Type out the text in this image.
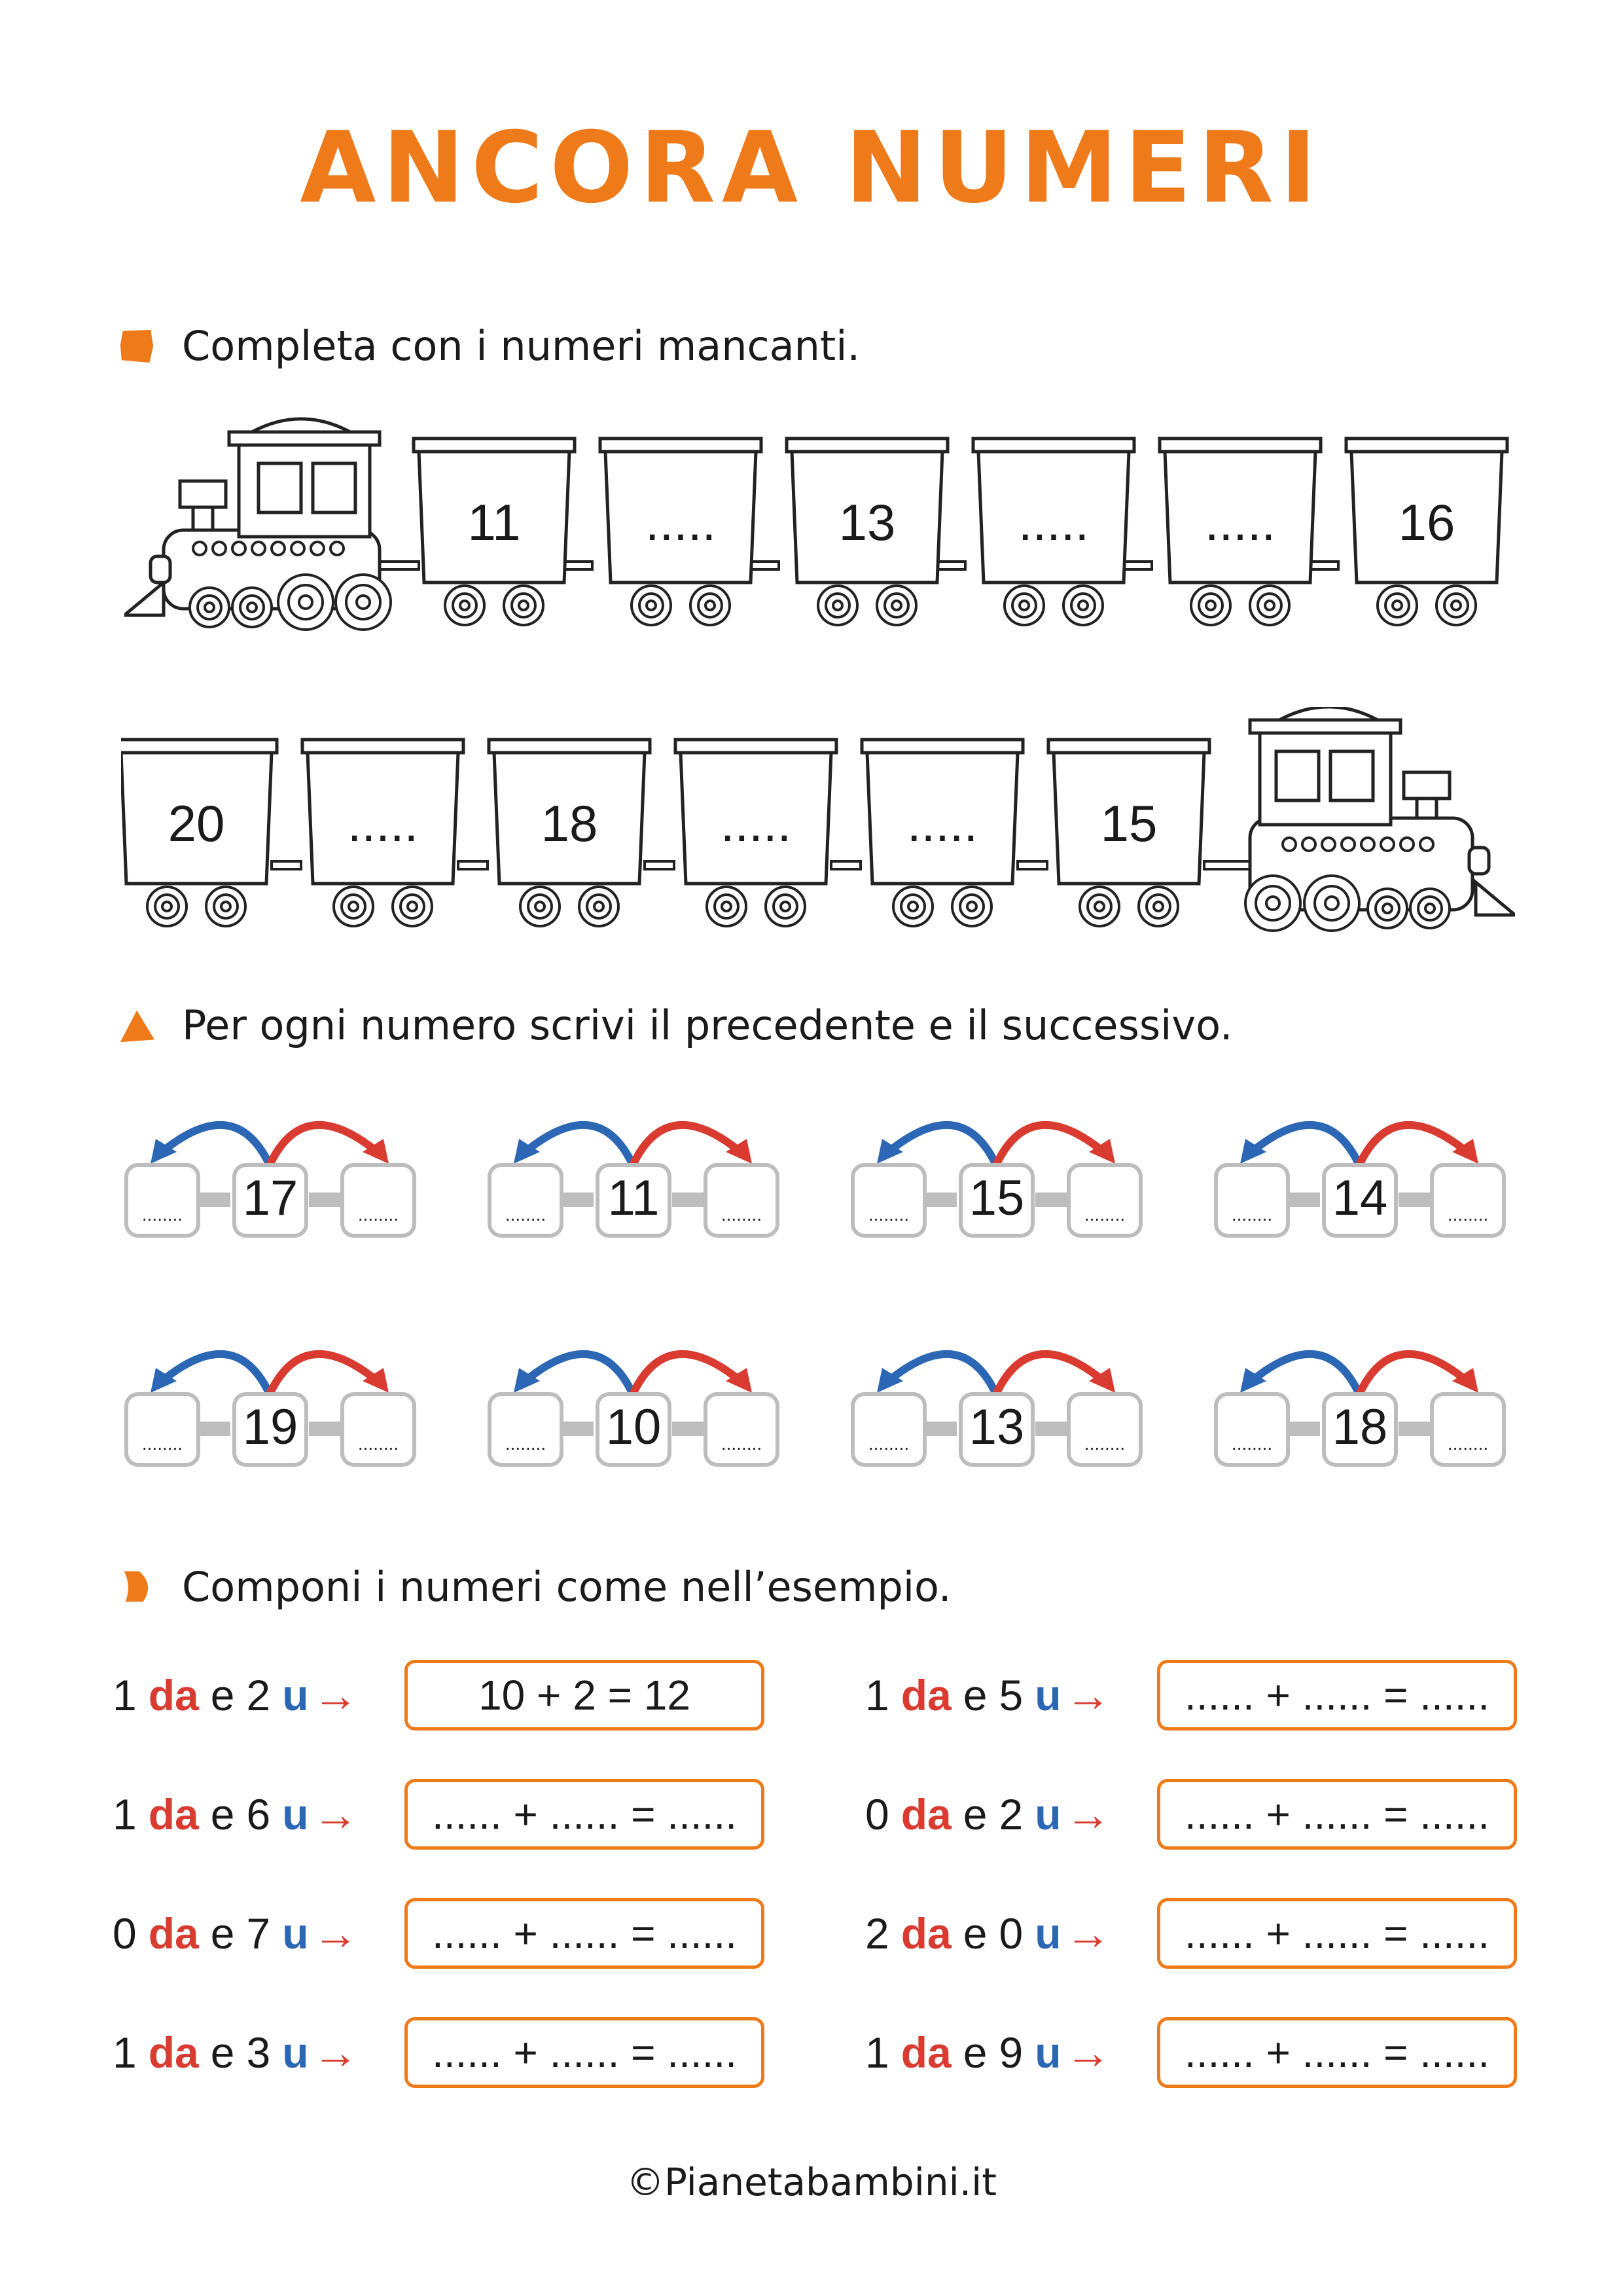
ANCORA NUMERI
Completa con i numeri mancanti.
11 ..... 13 ..... ..... 16
20 ..... 18 ..... ..... 15
Per ogni numero scrivi il precedente e il successivo.
........ 17	........	........ 11	........	........ 15	........	........ 14	........
........ 19	........	........ 10	........	........ 13	........	........ 18	........
Componi i numeri come nell’esempio.
1 da e 2 u →	10 + 2 = 12
1 da e 6 u →	...... + ...... = ......
0 da e 7 u →	...... + ...... = ......
1 da e 3 u →	...... + ...... = ......
1 da e 5 u →	...... + ...... = ......
0 da e 2 u →	...... + ...... = ......
2 da e 0 u →	...... + ...... = ......
1 da e 9 u →	...... + ...... = ......
©Pianetabambini.it
